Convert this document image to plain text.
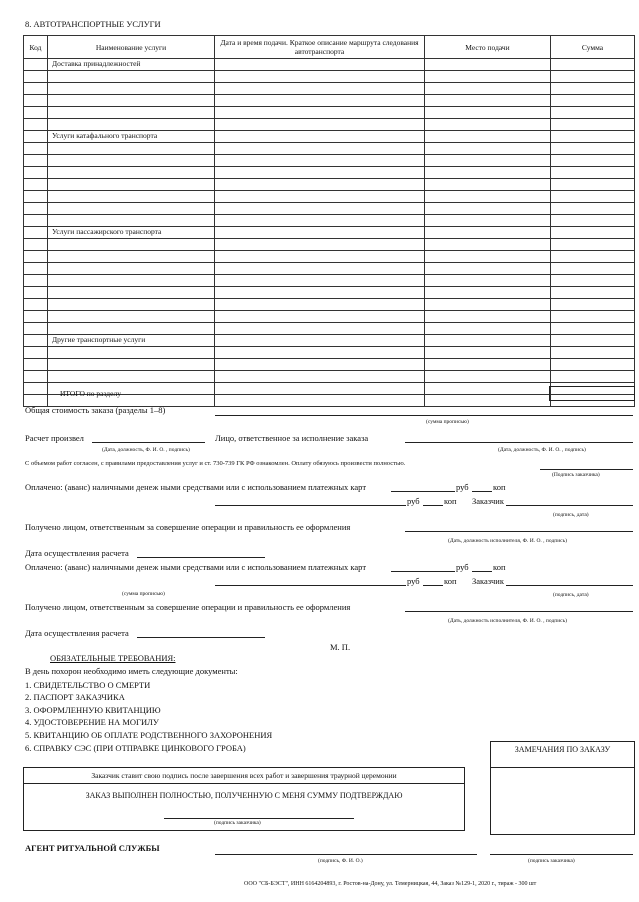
8. АВТОТРАНСПОРТНЫЕ УСЛУГИ
Код	Наименование услуги	Дата и время подачи. Краткое описание маршрута следования автотранспорта	Место подачи	Сумма
	Доставка принадлежностей			

	Услуги катафального транспорта			

	Услуги пассажирского транспорта			

	Другие транспортные услуги			

ИТОГО по разделу
Общая стоимость заказа (разделы 1–8)
(сумма прописью)
Расчет произвел
(Дата, должность, Ф. И. О. , подпись)
Лицо, ответственное за исполнение заказа
(Дата, должность, Ф. И. О. , подпись)
С объемом работ согласен, с правилами предоставления услуг и ст. 730-739 ГК РФ ознакомлен. Оплату обязуюсь произвести полностью.
(Подпись заказчика)
Оплачено: (аванс) наличными денеж ными средствами или с использованием платежных карт	руб	коп
руб	коп Заказчик
(подпись, дата)
Получено лицом, ответственным за совершение операции и правильность ее оформления
(Дать, должность исполнителя, Ф. И. О. , подпись)
Дата осуществления расчета
Оплачено: (аванс) наличными денеж ными средствами или с использованием платежных карт	руб	коп
(сумма прописью)
руб	коп Заказчик
(подпись, дата)
Получено лицом, ответственным за совершение операции и правильность ее оформления
(Дать, должность исполнителя, Ф. И. О. , подпись)
Дата осуществления расчета
М. П.
ОБЯЗАТЕЛЬНЫЕ ТРЕБОВАНИЯ:
В день похорон необходимо иметь следующие документы:
1. СВИДЕТЕЛЬСТВО О СМЕРТИ
2. ПАСПОРТ ЗАКАЗЧИКА
3. ОФОРМЛЕННУЮ КВИТАНЦИЮ
4. УДОСТОВЕРЕНИЕ НА МОГИЛУ
5. КВИТАНЦИЮ ОБ ОПЛАТЕ РОДСТВЕННОГО ЗАХОРОНЕНИЯ
6. СПРАВКУ СЭС (ПРИ ОТПРАВКЕ ЦИНКОВОГО ГРОБА)	ЗАМЕЧАНИЯ ПО ЗАКАЗУ
Заказчик ставит свою подпись после завершения всех работ и завершения траурной церемонии
ЗАКАЗ ВЫПОЛНЕН ПОЛНОСТЬЮ, ПОЛУЧЕННУЮ С МЕНЯ СУММУ ПОДТВЕРЖДАЮ
(подпись заказчика)
АГЕНТ РИТУАЛЬНОЙ СЛУЖБЫ
(подпись, Ф. И. О.)	(подпись заказчика)
ООО "СБ-БЭСТ", ИНН 6164204893, г. Ростов-на-Дону, ул. Темерницкая, 44, Заказ №129-1, 2020 г., тираж - 300 шт
